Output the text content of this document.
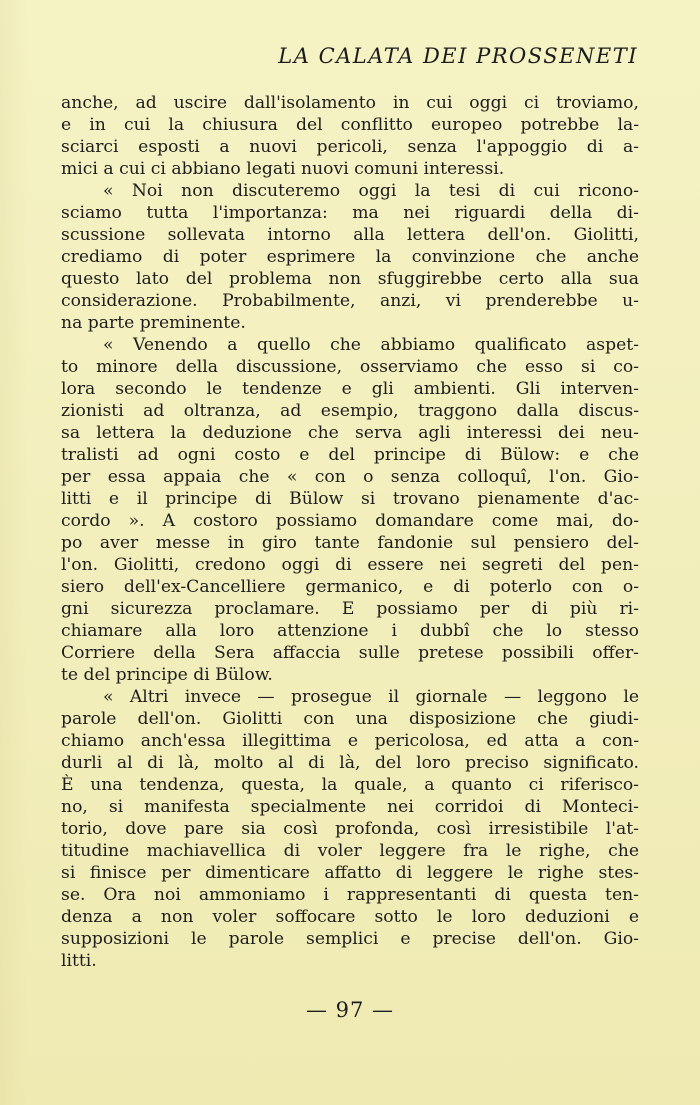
LA CALATA DEI PROSSENETI
anche, ad uscire dall'isolamento in cui oggi ci troviamo,
e in cui la chiusura del conflitto europeo potrebbe la-
sciarci esposti a nuovi pericoli, senza l'appoggio di a-
mici a cui ci abbiano legati nuovi comuni interessi.
« Noi non discuteremo oggi la tesi di cui ricono-
sciamo tutta l'importanza: ma nei riguardi della di-
scussione sollevata intorno alla lettera dell'on. Giolitti,
crediamo di poter esprimere la convinzione che anche
questo lato del problema non sfuggirebbe certo alla sua
considerazione. Probabilmente, anzi, vi prenderebbe u-
na parte preminente.
« Venendo a quello che abbiamo qualificato aspet-
to minore della discussione, osserviamo che esso si co-
lora secondo le tendenze e gli ambienti. Gli interven-
zionisti ad oltranza, ad esempio, traggono dalla discus-
sa lettera la deduzione che serva agli interessi dei neu-
tralisti ad ogni costo e del principe di Bülow: e che
per essa appaia che « con o senza colloquî, l'on. Gio-
litti e il principe di Bülow si trovano pienamente d'ac-
cordo ». A costoro possiamo domandare come mai, do-
po aver messe in giro tante fandonie sul pensiero del-
l'on. Giolitti, credono oggi di essere nei segreti del pen-
siero dell'ex-Cancelliere germanico, e di poterlo con o-
gni sicurezza proclamare. E possiamo per di più ri-
chiamare alla loro attenzione i dubbî che lo stesso
Corriere della Sera affaccia sulle pretese possibili offer-
te del principe di Bülow.
« Altri invece — prosegue il giornale — leggono le
parole dell'on. Giolitti con una disposizione che giudi-
chiamo anch'essa illegittima e pericolosa, ed atta a con-
durli al di là, molto al di là, del loro preciso significato.
È una tendenza, questa, la quale, a quanto ci riferisco-
no, si manifesta specialmente nei corridoi di Monteci-
torio, dove pare sia così profonda, così irresistibile l'at-
titudine machiavellica di voler leggere fra le righe, che
si finisce per dimenticare affatto di leggere le righe stes-
se. Ora noi ammoniamo i rappresentanti di questa ten-
denza a non voler soffocare sotto le loro deduzioni e
supposizioni le parole semplici e precise dell'on. Gio-
litti.
— 97 —
